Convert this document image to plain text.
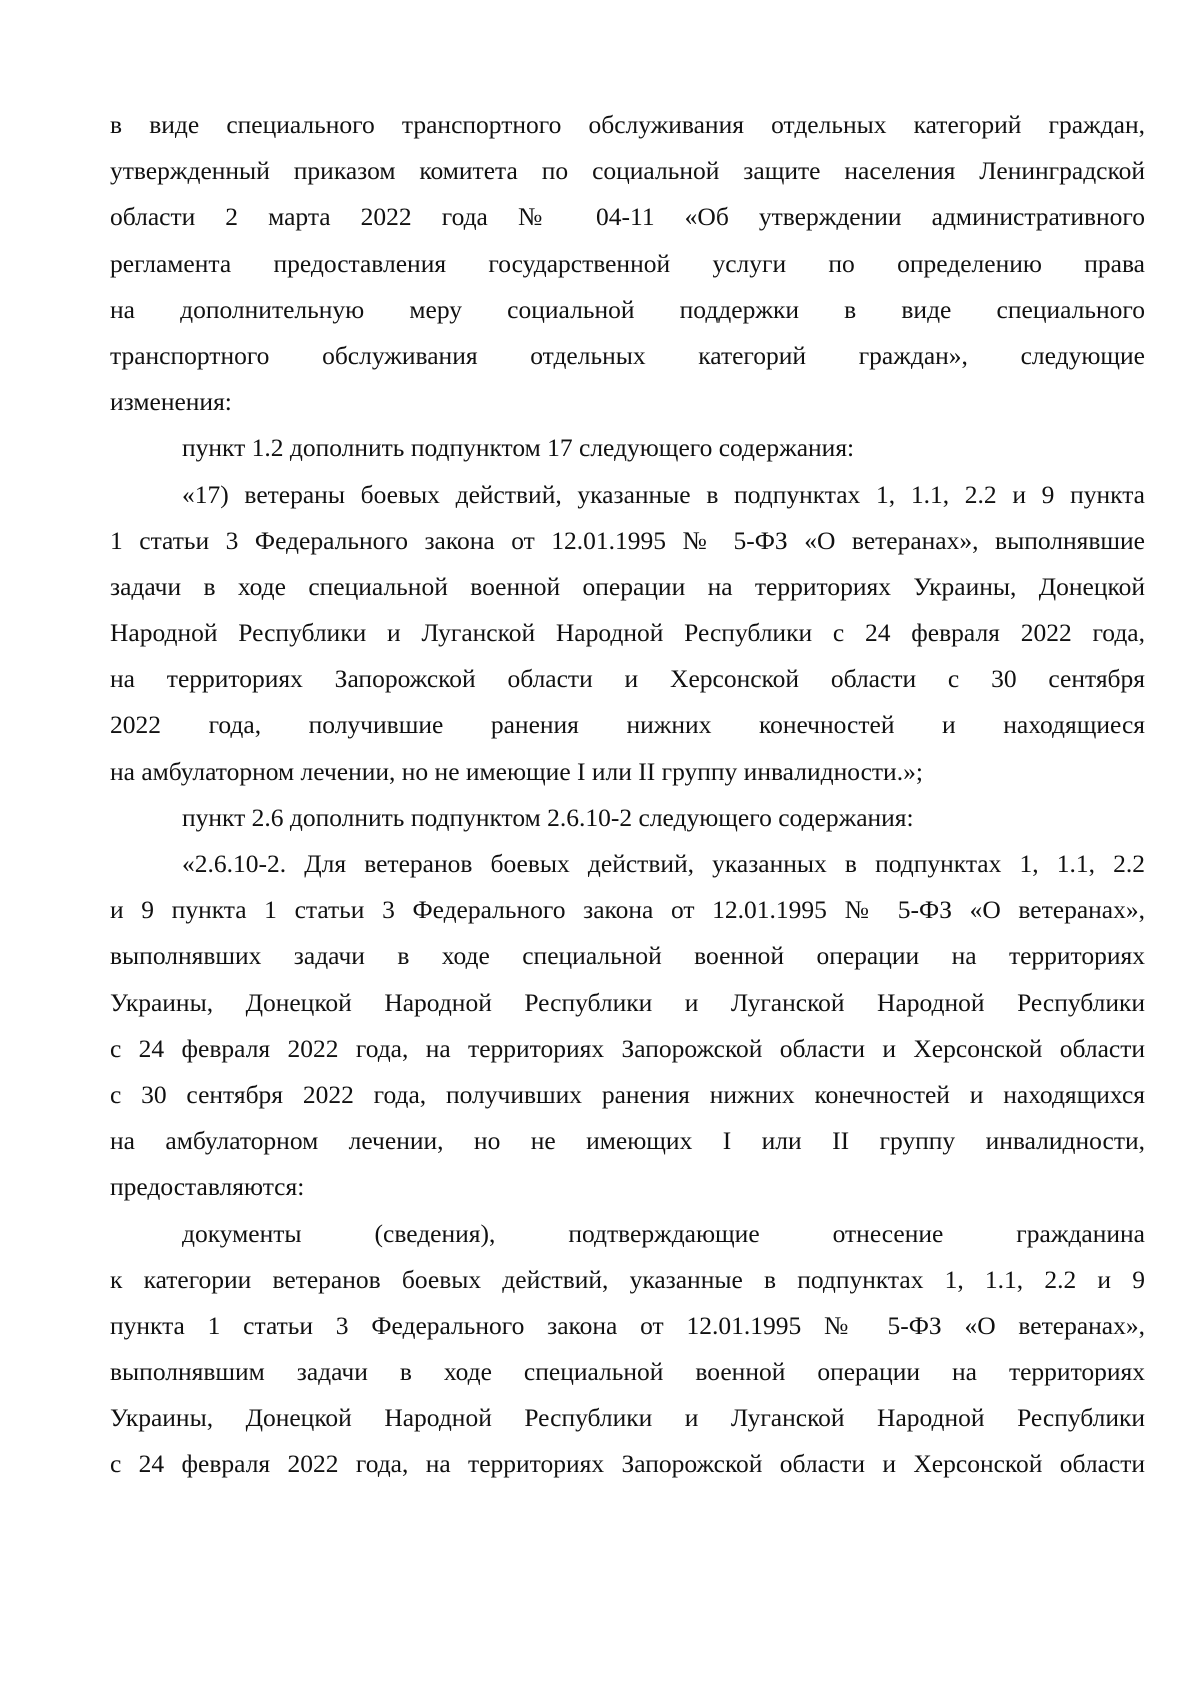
в виде специального транспортного обслуживания отдельных категорий граждан,
утвержденный приказом комитета по социальной защите населения Ленинградской
области 2 марта 2022 года № 04-11 «Об утверждении административного
регламента предоставления государственной услуги по определению права
на дополнительную меру социальной поддержки в виде специального
транспортного обслуживания отдельных категорий граждан», следующие
изменения:
пункт 1.2 дополнить подпунктом 17 следующего содержания:
«17) ветераны боевых действий, указанные в подпунктах 1, 1.1, 2.2 и 9 пункта
1 статьи 3 Федерального закона от 12.01.1995 № 5-ФЗ «О ветеранах», выполнявшие
задачи в ходе специальной военной операции на территориях Украины, Донецкой
Народной Республики и Луганской Народной Республики с 24 февраля 2022 года,
на территориях Запорожской области и Херсонской области с 30 сентября
2022 года, получившие ранения нижних конечностей и находящиеся
на амбулаторном лечении, но не имеющие I или II группу инвалидности.»;
пункт 2.6 дополнить подпунктом 2.6.10-2 следующего содержания:
«2.6.10-2. Для ветеранов боевых действий, указанных в подпунктах 1, 1.1, 2.2
и 9 пункта 1 статьи 3 Федерального закона от 12.01.1995 № 5-ФЗ «О ветеранах»,
выполнявших задачи в ходе специальной военной операции на территориях
Украины, Донецкой Народной Республики и Луганской Народной Республики
с 24 февраля 2022 года, на территориях Запорожской области и Херсонской области
с 30 сентября 2022 года, получивших ранения нижних конечностей и находящихся
на амбулаторном лечении, но не имеющих I или II группу инвалидности,
предоставляются:
документы (сведения), подтверждающие отнесение гражданина
к категории ветеранов боевых действий, указанные в подпунктах 1, 1.1, 2.2 и 9
пункта 1 статьи 3 Федерального закона от 12.01.1995 № 5-ФЗ «О ветеранах»,
выполнявшим задачи в ходе специальной военной операции на территориях
Украины, Донецкой Народной Республики и Луганской Народной Республики
с 24 февраля 2022 года, на территориях Запорожской области и Херсонской области
